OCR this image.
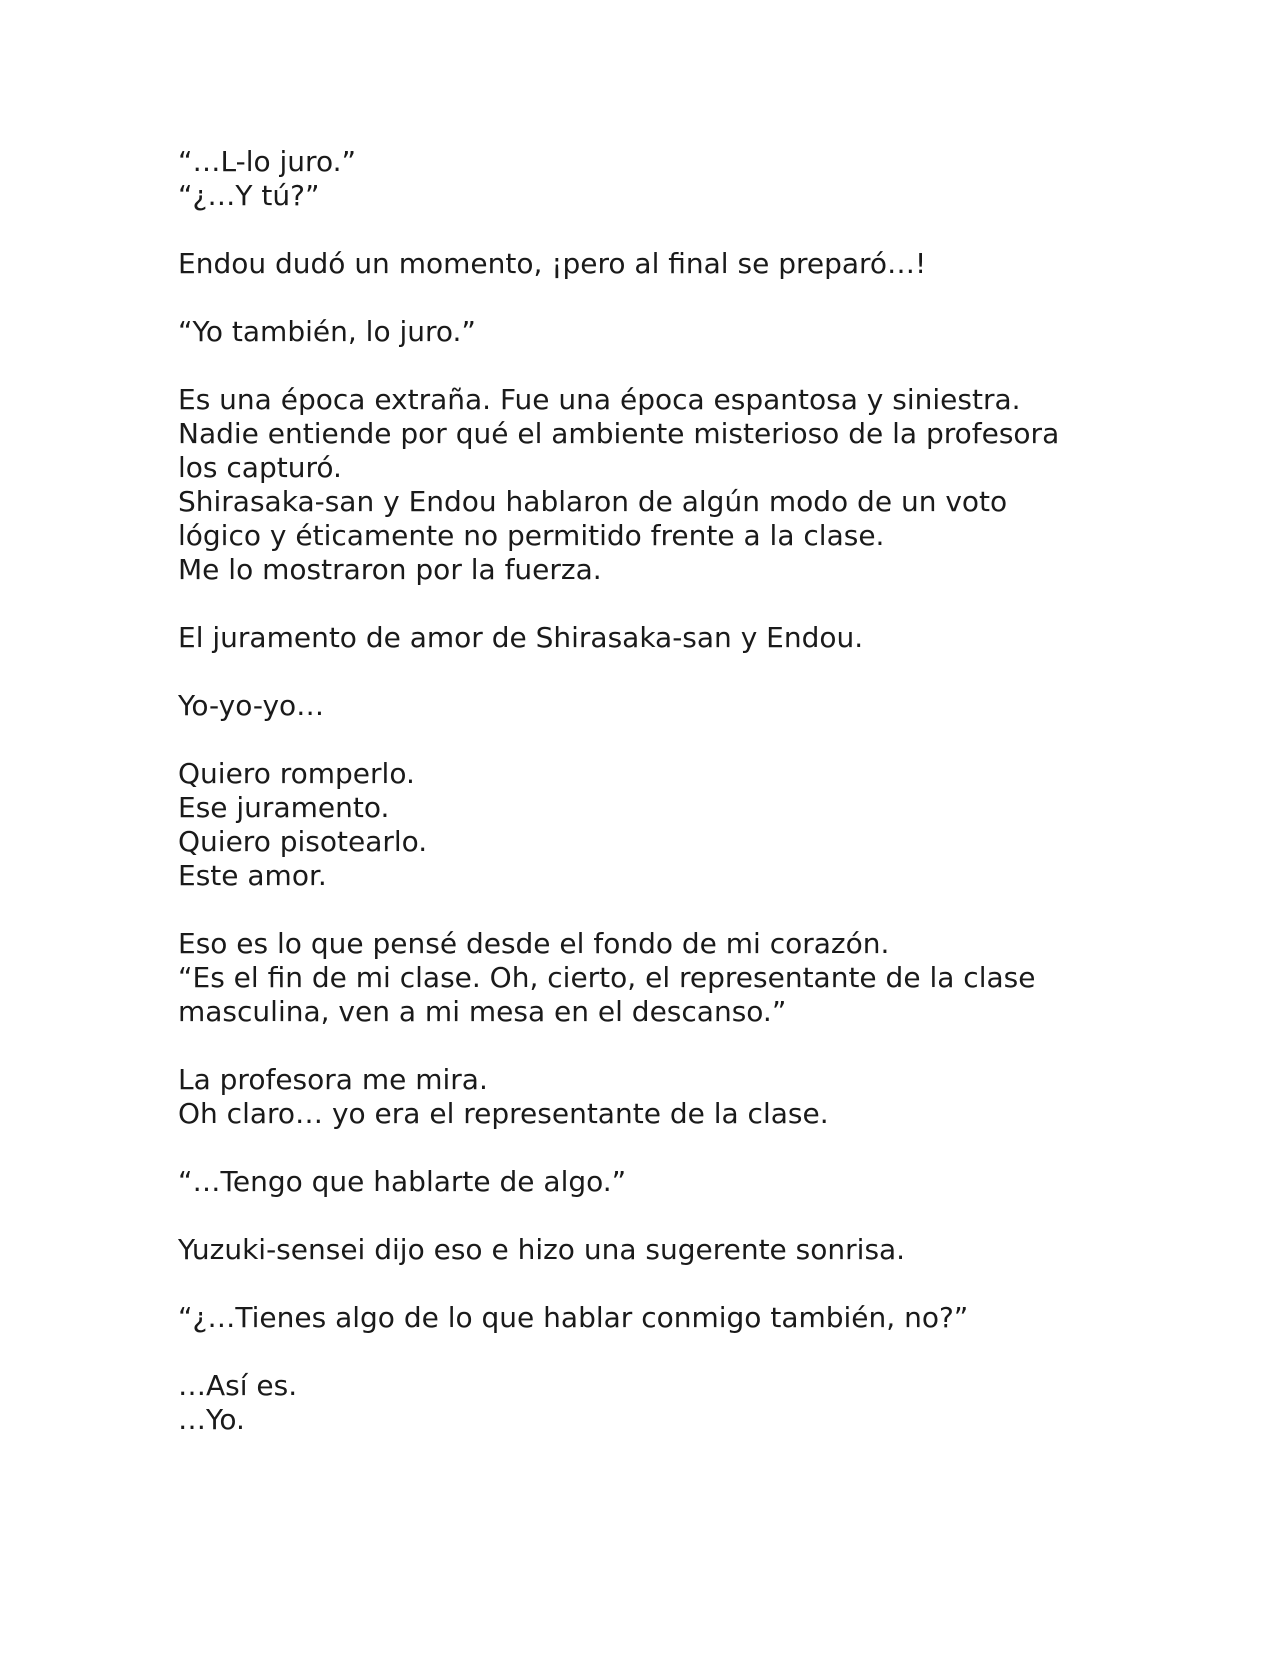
“…L-lo juro.”
“¿…Y tú?”
Endou dudó un momento, ¡pero al final se preparó…!
“Yo también, lo juro.”
Es una época extraña. Fue una época espantosa y siniestra.
Nadie entiende por qué el ambiente misterioso de la profesora
los capturó.
Shirasaka-san y Endou hablaron de algún modo de un voto
lógico y éticamente no permitido frente a la clase.
Me lo mostraron por la fuerza.
El juramento de amor de Shirasaka-san y Endou.
Yo-yo-yo…
Quiero romperlo.
Ese juramento.
Quiero pisotearlo.
Este amor.
Eso es lo que pensé desde el fondo de mi corazón.
“Es el fin de mi clase. Oh, cierto, el representante de la clase
masculina, ven a mi mesa en el descanso.”
La profesora me mira.
Oh claro… yo era el representante de la clase.
“…Tengo que hablarte de algo.”
Yuzuki-sensei dijo eso e hizo una sugerente sonrisa.
“¿…Tienes algo de lo que hablar conmigo también, no?”
…Así es.
…Yo.
